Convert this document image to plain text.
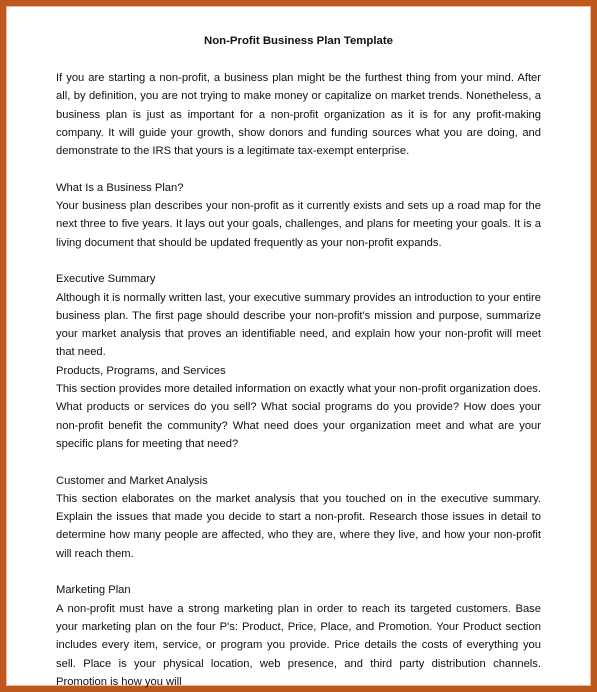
Non-Profit Business Plan Template

If you are starting a non-profit, a business plan might be the furthest thing from your mind. After all, by definition, you are not trying to make money or capitalize on market trends. Nonetheless, a business plan is just as important for a non-profit organization as it is for any profit-making company. It will guide your growth, show donors and funding sources what you are doing, and demonstrate to the IRS that yours is a legitimate tax-exempt enterprise.

What Is a Business Plan?

Your business plan describes your non-profit as it currently exists and sets up a road map for the next three to five years. It lays out your goals, challenges, and plans for meeting your goals. It is a living document that should be updated frequently as your non-profit expands.

Executive Summary

Although it is normally written last, your executive summary provides an introduction to your entire business plan. The first page should describe your non-profit's mission and purpose, summarize your market analysis that proves an identifiable need, and explain how your non-profit will meet that need.

Products, Programs, and Services

This section provides more detailed information on exactly what your non-profit organization does. What products or services do you sell? What social programs do you provide? How does your non-profit benefit the community? What need does your organization meet and what are your specific plans for meeting that need?

Customer and Market Analysis

This section elaborates on the market analysis that you touched on in the executive summary. Explain the issues that made you decide to start a non-profit. Research those issues in detail to determine how many people are affected, who they are, where they live, and how your non-profit will reach them.

Marketing Plan

A non-profit must have a strong marketing plan in order to reach its targeted customers. Base your marketing plan on the four P's: Product, Price, Place, and Promotion. Your Product section includes every item, service, or program you provide. Price details the costs of everything you sell. Place is your physical location, web presence, and third party distribution channels. Promotion is how you will
